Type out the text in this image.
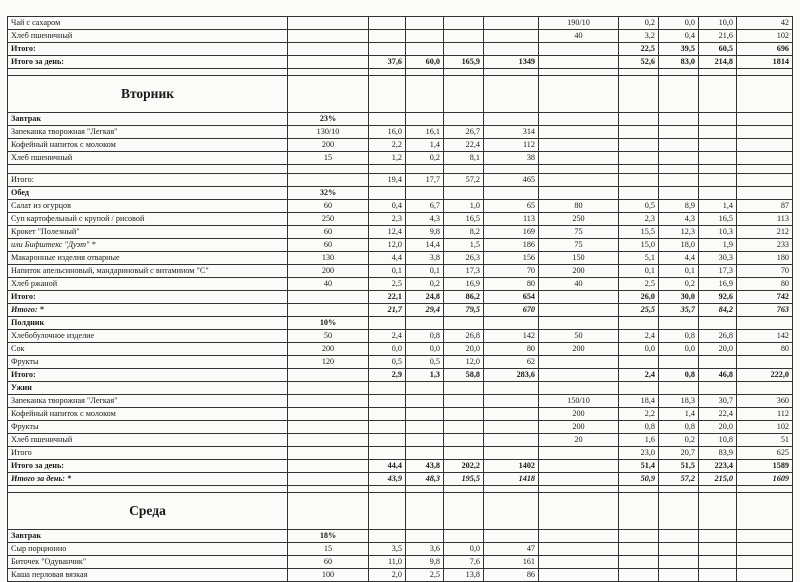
Чай с сахаром						190/10	0,2	0,0	10,0	42
Хлеб пшеничный						40	3,2	0,4	21,6	102
Итого:							22,5	39,5	60,5	696
Итого за день:		37,6	60,0	165,9	1349		52,6	83,0	214,8	1814

Вторник										
Завтрак	23%									
Запеканка творожная "Легкая"	130/10	16,0	16,1	26,7	314					
Кофейный напиток с молоком	200	2,2	1,4	22,4	112					
Хлеб пшеничный	15	1,2	0,2	8,1	38					

Итого:		19,4	17,7	57,2	465					
Обед	32%									
Салат из огурцов	60	0,4	6,7	1,0	65	80	0,5	8,9	1,4	87
Суп картофельный с крупой / рисовой	250	2,3	4,3	16,5	113	250	2,3	4,3	16,5	113
Крокет "Полезный"	60	12,4	9,8	8,2	169	75	15,5	12,3	10,3	212
или Бифштекс "Дуэт" *	60	12,0	14,4	1,5	186	75	15,0	18,0	1,9	233
Макаронные изделия отварные	130	4,4	3,8	26,3	156	150	5,1	4,4	30,3	180
Напиток апельсиновый, мандариновый с витамином "С"	200	0,1	0,1	17,3	70	200	0,1	0,1	17,3	70
Хлеб ржаной	40	2,5	0,2	16,9	80	40	2,5	0,2	16,9	80
Итого:		22,1	24,8	86,2	654		26,0	30,0	92,6	742
Итого: *		21,7	29,4	79,5	670		25,5	35,7	84,2	763
Полдник	10%									
Хлебобулочное изделие	50	2,4	0,8	26,8	142	50	2,4	0,8	26,8	142
Сок	200	0,0	0,0	20,0	80	200	0,0	0,0	20,0	80
Фрукты	120	0,5	0,5	12,0	62					
Итого:		2,9	1,3	58,8	283,6		2,4	0,8	46,8	222,0
Ужин										
Запеканка творожная "Легкая"						150/10	18,4	18,3	30,7	360
Кофейный напиток с молоком						200	2,2	1,4	22,4	112
Фрукты						200	0,8	0,8	20,0	102
Хлеб пшеничный						20	1,6	0,2	10,8	51
Итого							23,0	20,7	83,9	625
Итого за день:		44,4	43,8	202,2	1402		51,4	51,5	223,4	1589
Итого за день: *		43,9	48,3	195,5	1418		50,9	57,2	215,0	1609

Среда										
Завтрак	18%									
Сыр порционно	15	3,5	3,6	0,0	47					
Биточек "Одуванчик"	60	11,0	9,8	7,6	161					
Каша перловая вязкая	100	2,0	2,5	13,8	86					
